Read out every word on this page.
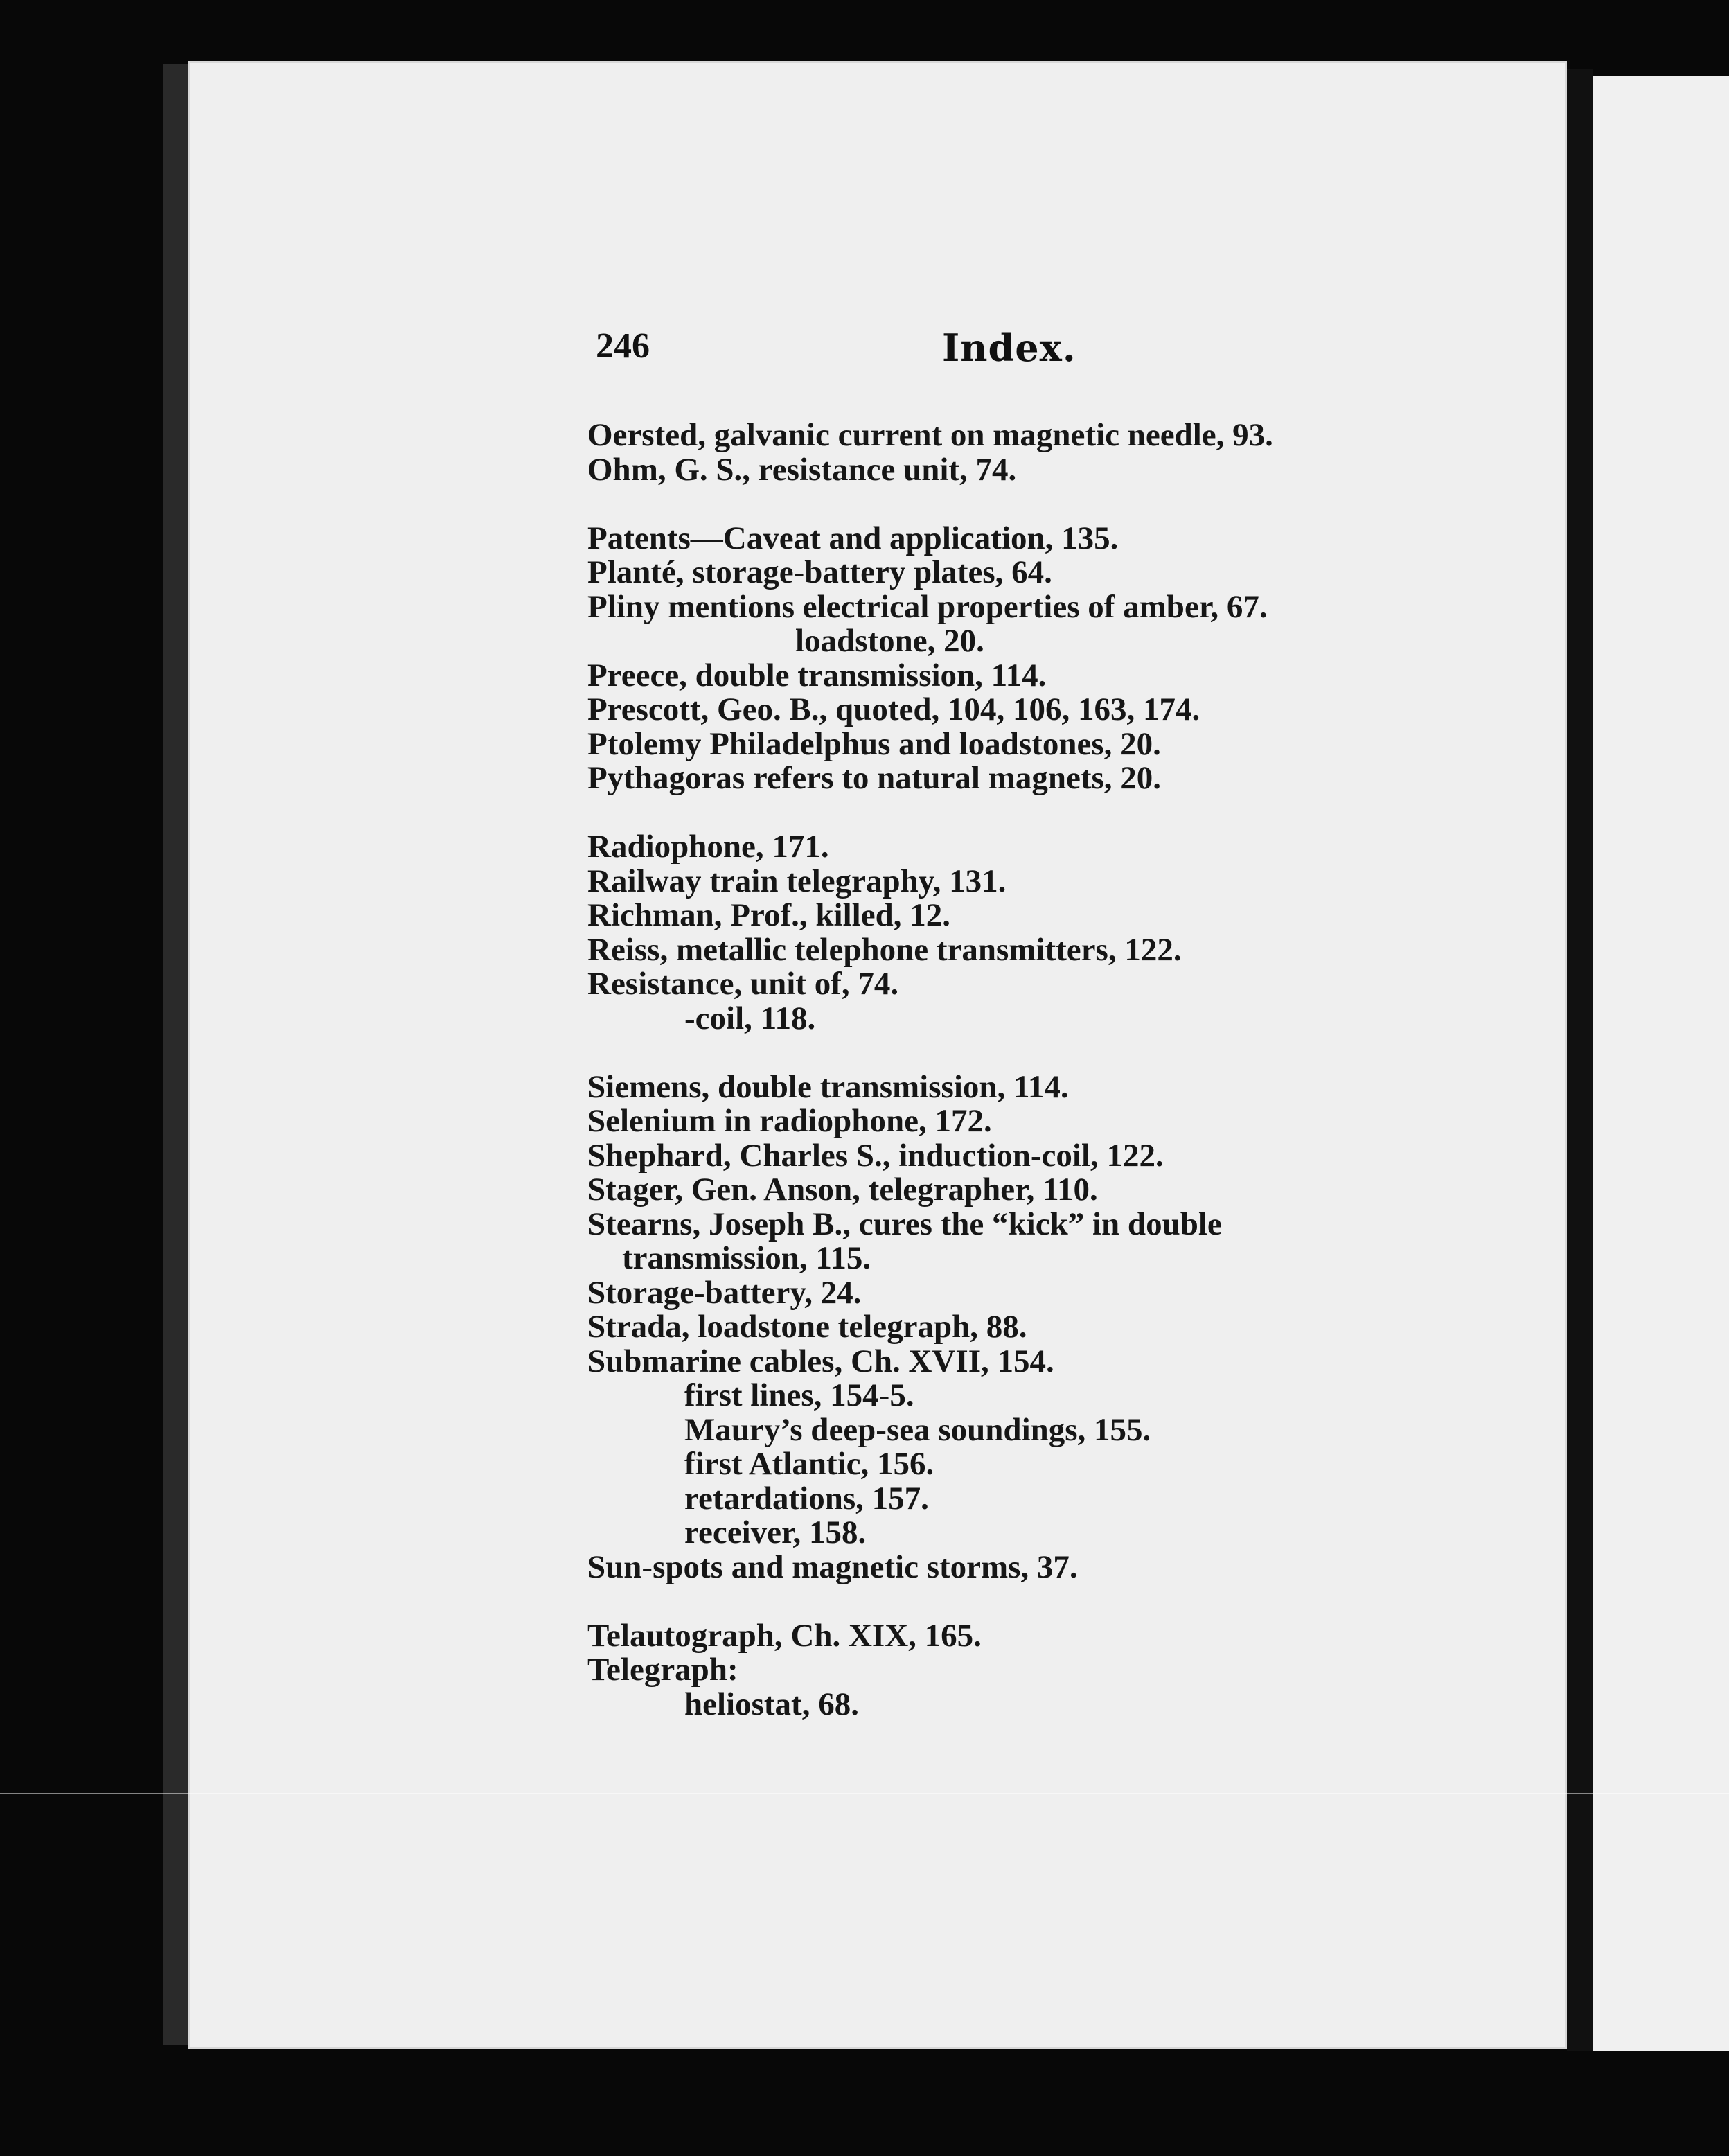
246	Index.
Oersted, galvanic current on magnetic needle, 93.
Ohm, G. S., resistance unit, 74.
Patents—Caveat and application, 135.
Planté, storage-battery plates, 64.
Pliny mentions electrical properties of amber, 67.
loadstone, 20.
Preece, double transmission, 114.
Prescott, Geo. B., quoted, 104, 106, 163, 174.
Ptolemy Philadelphus and loadstones, 20.
Pythagoras refers to natural magnets, 20.
Radiophone, 171.
Railway train telegraphy, 131.
Richman, Prof., killed, 12.
Reiss, metallic telephone transmitters, 122.
Resistance, unit of, 74.
-coil, 118.
Siemens, double transmission, 114.
Selenium in radiophone, 172.
Shephard, Charles S., induction-coil, 122.
Stager, Gen. Anson, telegrapher, 110.
Stearns, Joseph B., cures the “kick” in double
transmission, 115.
Storage-battery, 24.
Strada, loadstone telegraph, 88.
Submarine cables, Ch. XVII, 154.
first lines, 154-5.
Maury’s deep-sea soundings, 155.
first Atlantic, 156.
retardations, 157.
receiver, 158.
Sun-spots and magnetic storms, 37.
Telautograph, Ch. XIX, 165.
Telegraph:
heliostat, 68.
